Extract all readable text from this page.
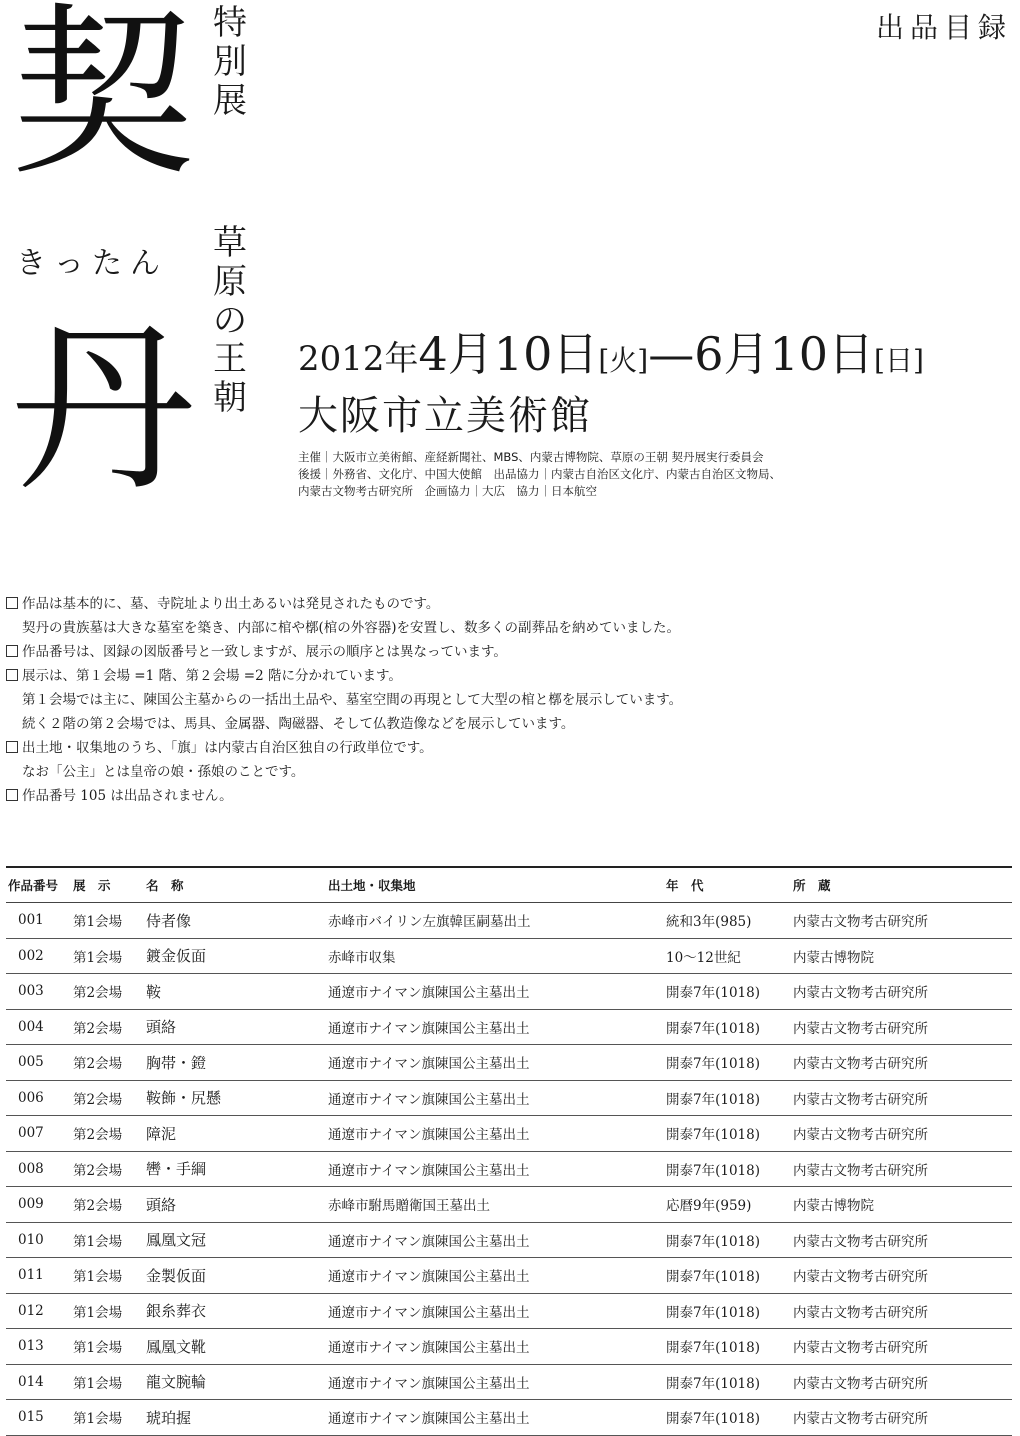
契
きったん
丹
特
別
展
草
原
の
王
朝
出品目録
2012年4月10日[火]—6月10日[日]
大阪市立美術館
主催｜大阪市立美術館、産経新聞社、MBS、内蒙古博物院、草原の王朝 契丹展実行委員会
後援｜外務省、文化庁、中国大使館　出品協力｜内蒙古自治区文化庁、内蒙古自治区文物局、
内蒙古文物考古研究所　企画協力｜大広　協力｜日本航空
作品は基本的に、墓、寺院址より出土あるいは発見されたものです。
契丹の貴族墓は大きな墓室を築き、内部に棺や槨(棺の外容器)を安置し、数多くの副葬品を納めていました。
作品番号は、図録の図版番号と一致しますが、展示の順序とは異なっています。
展示は、第１会場 =1 階、第２会場 =2 階に分かれています。
第１会場では主に、陳国公主墓からの一括出土品や、墓室空間の再現として大型の棺と槨を展示しています。
続く２階の第２会場では、馬具、金属器、陶磁器、そして仏教造像などを展示しています。
出土地・収集地のうち、「旗」は内蒙古自治区独自の行政単位です。
なお「公主」とは皇帝の娘・孫娘のことです。
作品番号 105 は出品されません。
作品番号	展　示	名　称	出土地・収集地	年　代	所　蔵
001	第1会場	侍者像	赤峰市バイリン左旗韓匡嗣墓出土	統和3年(985)	内蒙古文物考古研究所
002	第1会場	鍍金仮面	赤峰市収集	10〜12世紀	内蒙古博物院
003	第2会場	鞍	通遼市ナイマン旗陳国公主墓出土	開泰7年(1018)	内蒙古文物考古研究所
004	第2会場	頭絡	通遼市ナイマン旗陳国公主墓出土	開泰7年(1018)	内蒙古文物考古研究所
005	第2会場	胸帯・鐙	通遼市ナイマン旗陳国公主墓出土	開泰7年(1018)	内蒙古文物考古研究所
006	第2会場	鞍飾・尻懸	通遼市ナイマン旗陳国公主墓出土	開泰7年(1018)	内蒙古文物考古研究所
007	第2会場	障泥	通遼市ナイマン旗陳国公主墓出土	開泰7年(1018)	内蒙古文物考古研究所
008	第2会場	轡・手綱	通遼市ナイマン旗陳国公主墓出土	開泰7年(1018)	内蒙古文物考古研究所
009	第2会場	頭絡	赤峰市駙馬贈衛国王墓出土	応暦9年(959)	内蒙古博物院
010	第1会場	鳳凰文冠	通遼市ナイマン旗陳国公主墓出土	開泰7年(1018)	内蒙古文物考古研究所
011	第1会場	金製仮面	通遼市ナイマン旗陳国公主墓出土	開泰7年(1018)	内蒙古文物考古研究所
012	第1会場	銀糸葬衣	通遼市ナイマン旗陳国公主墓出土	開泰7年(1018)	内蒙古文物考古研究所
013	第1会場	鳳凰文靴	通遼市ナイマン旗陳国公主墓出土	開泰7年(1018)	内蒙古文物考古研究所
014	第1会場	龍文腕輪	通遼市ナイマン旗陳国公主墓出土	開泰7年(1018)	内蒙古文物考古研究所
015	第1会場	琥珀握	通遼市ナイマン旗陳国公主墓出土	開泰7年(1018)	内蒙古文物考古研究所
